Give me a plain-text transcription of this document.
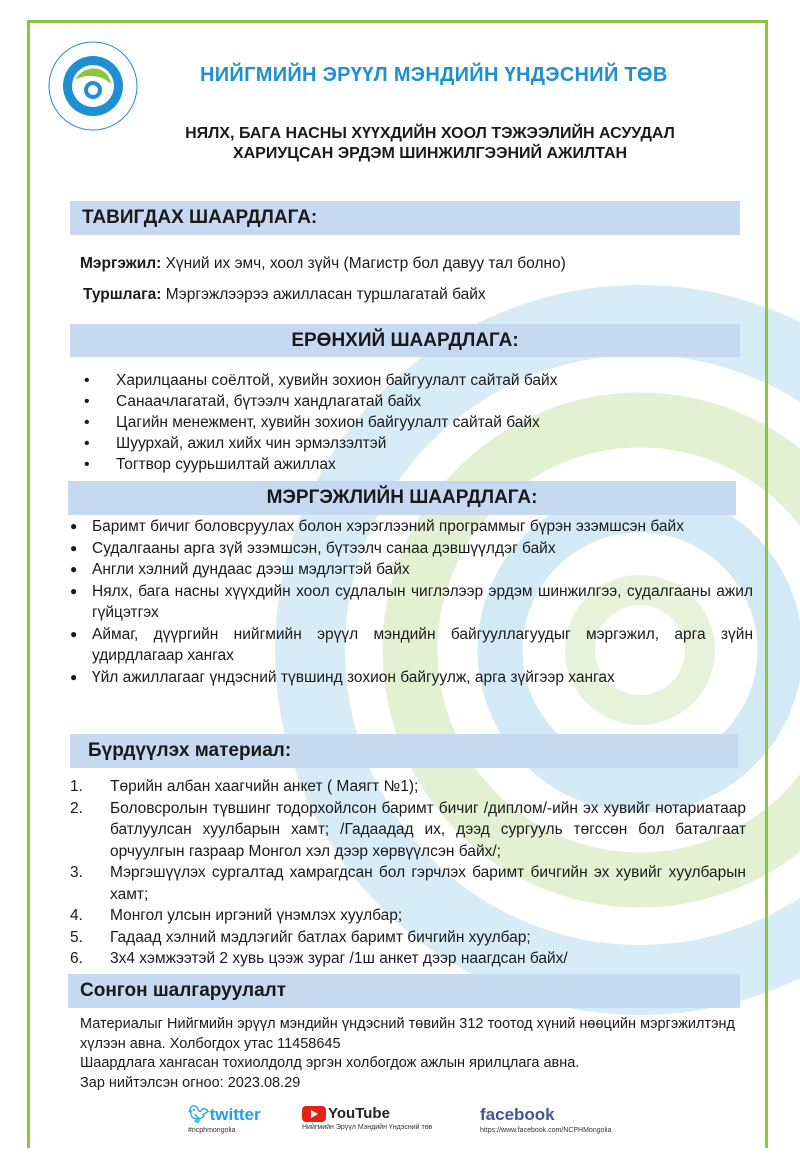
НИЙГМИЙН ЭРҮҮЛ МЭНДИЙН ҮНДЭСНИЙ ТӨВ
НЯЛХ, БАГА НАСНЫ ХҮҮХДИЙН ХООЛ ТЭЖЭЭЛИЙН АСУУДАЛ
ХАРИУЦСАН ЭРДЭМ ШИНЖИЛГЭЭНИЙ АЖИЛТАН
ТАВИГДАХ ШААРДЛАГА:
Мэргэжил: Хүний их эмч, хоол зүйч (Магистр бол давуу тал болно)
Туршлага: Мэргэжлээрээ ажилласан туршлагатай байх
ЕРӨНХИЙ ШААРДЛАГА:
• Харилцааны соёлтой, хувийн зохион байгуулалт сайтай байх
• Санаачлагатай, бүтээлч хандлагатай байх
• Цагийн менежмент, хувийн зохион байгуулалт сайтай байх
• Шуурхай, ажил хийх чин эрмэлзэлтэй
• Тогтвор суурьшилтай ажиллах
МЭРГЭЖЛИЙН ШААРДЛАГА:
● Баримт бичиг боловсруулах болон хэрэглээний программыг бүрэн эзэмшсэн байх
● Судалгааны арга зүй эзэмшсэн, бүтээлч санаа дэвшүүлдэг байх
● Англи хэлний дундаас дээш мэдлэгтэй байх
● Нялх, бага насны хүүхдийн хоол судлалын чиглэлээр эрдэм шинжилгээ, судалгааны ажил гүйцэтгэх
● Аймаг, дүүргийн нийгмийн эрүүл мэндийн байгууллагуудыг мэргэжил, арга зүйн удирдлагаар хангах
● Үйл ажиллагааг үндэсний түвшинд зохион байгуулж, арга зүйгээр хангах
Бүрдүүлэх материал:
1. Төрийн албан хаагчийн анкет ( Маягт №1);
2. Боловсролын түвшинг тодорхойлсон баримт бичиг /диплом/-ийн эх хувийг нотариатаар батлуулсан хуулбарын хамт; /Гадаадад их, дээд сургууль төгссөн бол баталгаат орчуулгын газраар Монгол хэл дээр хөрвүүлсэн байх/;
3. Мэргэшүүлэх сургалтад хамрагдсан бол гэрчлэх баримт бичгийн эх хувийг хуулбарын хамт;
4. Монгол улсын иргэний үнэмлэх хуулбар;
5. Гадаад хэлний мэдлэгийг батлах баримт бичгийн хуулбар;
6. 3х4 хэмжээтэй 2 хувь цээж зураг /1ш анкет дээр наагдсан байх/
Сонгон шалгаруулалт
Материалыг Нийгмийн эрүүл мэндийн үндэсний төвийн 312 тоотод хүний нөөцийн мэргэжилтэнд хүлээн авна. Холбогдох утас 11458645
Шаардлага хангасан тохиолдолд эргэн холбогдож ажлын ярилцлага авна.
Зар нийтэлсэн огноо: 2023.08.29
🐦︎twitter
#ncphmongolia
YouTube
Нийгмийн Эрүүл Мэндийн Үндэсний төв
facebook
https://www.facebook.com/NCPHMongolia
